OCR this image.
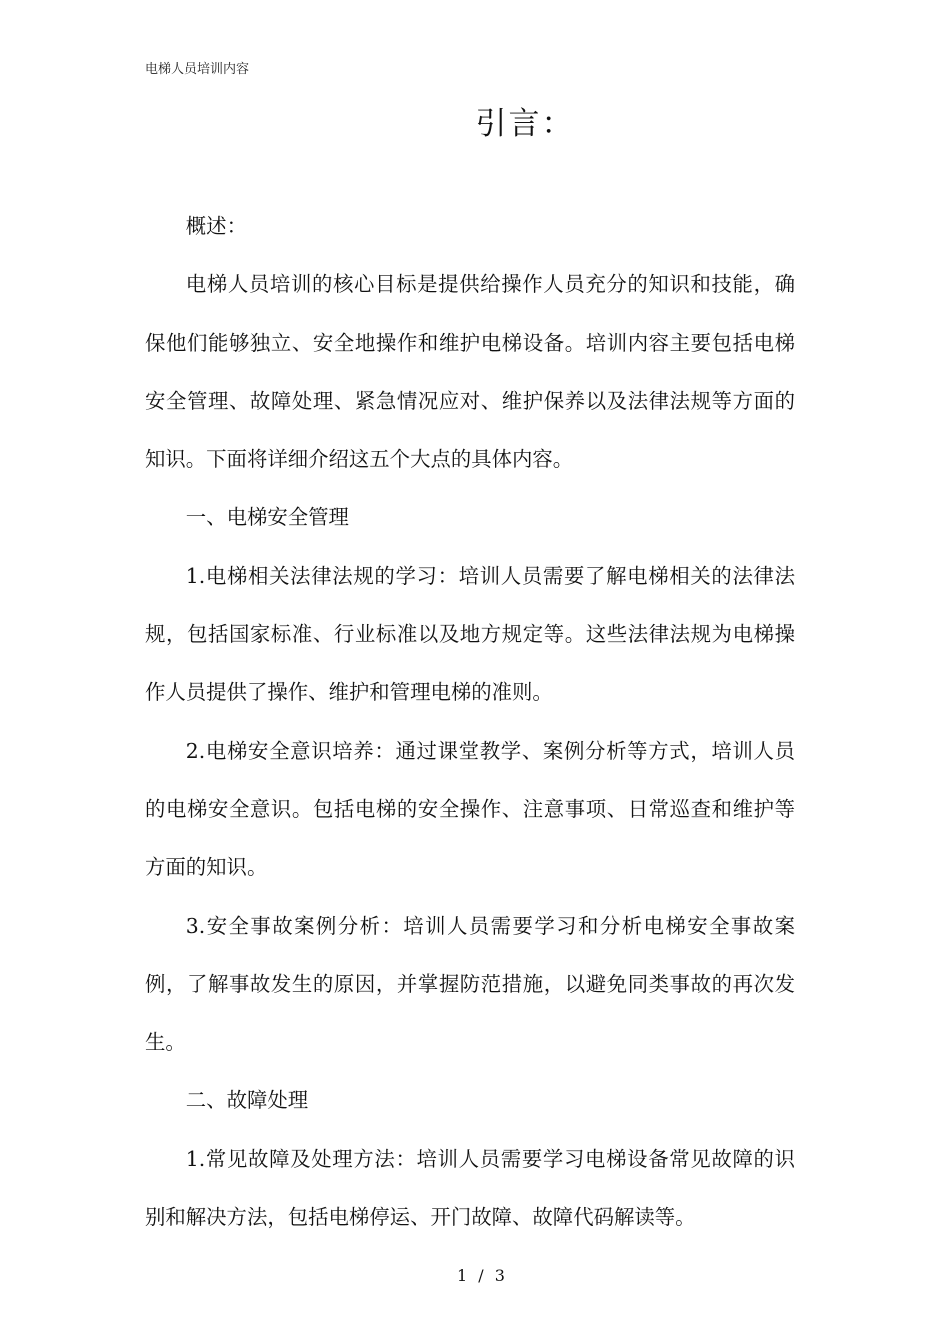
电梯人员培训内容
引言：

概述：

电梯人员培训的核心目标是提供给操作人员充分的知识和技能，确保他们能够独立、安全地操作和维护电梯设备。培训内容主要包括电梯安全管理、故障处理、紧急情况应对、维护保养以及法律法规等方面的知识。下面将详细介绍这五个大点的具体内容。

一、电梯安全管理

1.电梯相关法律法规的学习：培训人员需要了解电梯相关的法律法规，包括国家标准、行业标准以及地方规定等。这些法律法规为电梯操作人员提供了操作、维护和管理电梯的准则。

2.电梯安全意识培养：通过课堂教学、案例分析等方式，培训人员的电梯安全意识。包括电梯的安全操作、注意事项、日常巡查和维护等方面的知识。

3.安全事故案例分析：培训人员需要学习和分析电梯安全事故案例，了解事故发生的原因，并掌握防范措施，以避免同类事故的再次发生。

二、故障处理

1.常见故障及处理方法：培训人员需要学习电梯设备常见故障的识别和解决方法，包括电梯停运、开门故障、故障代码解读等。

1 / 3
